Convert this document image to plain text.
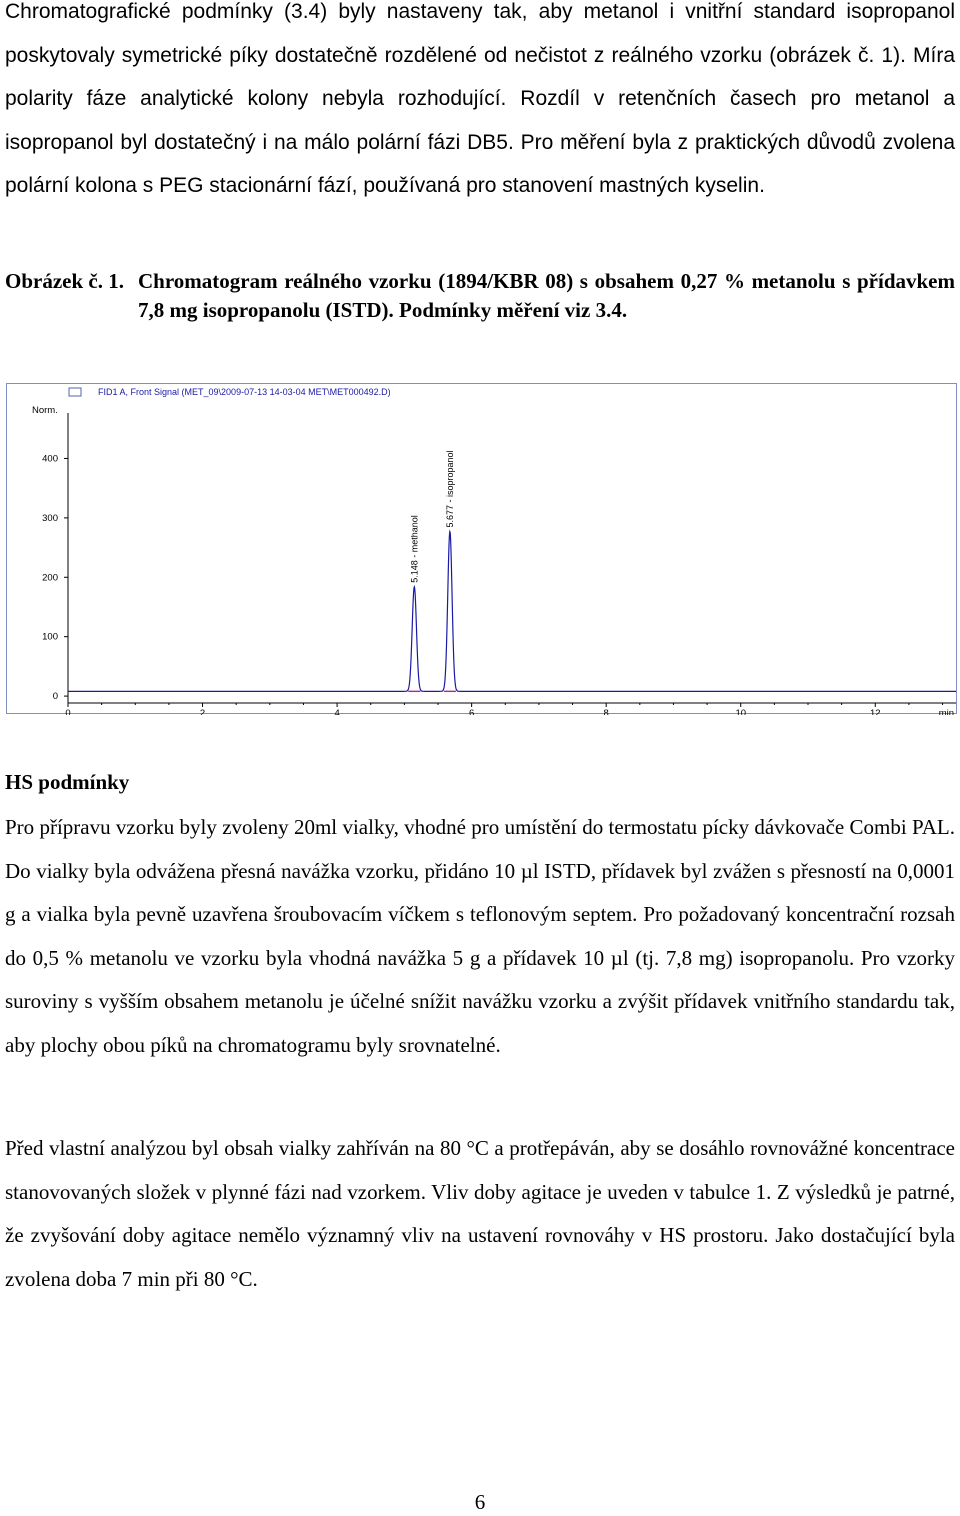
Chromatografické podmínky (3.4) byly nastaveny tak, aby metanol i vnitřní standard isopropanol poskytovaly symetrické píky dostatečně rozdělené od nečistot z reálného vzorku (obrázek č. 1). Míra polarity fáze analytické kolony nebyla rozhodující. Rozdíl v retenčních časech pro metanol a isopropanol byl dostatečný i na málo polární fázi DB5. Pro měření byla z praktických důvodů zvolena polární kolona s PEG stacionární fází, používaná pro stanovení mastných kyselin.

Obrázek č. 1. Chromatogram reálného vzorku (1894/KBR 08) s obsahem 0,27 % metanolu s přídavkem 7,8 mg isopropanolu (ISTD). Podmínky měření viz 3.4.
FID1 A, Front Signal (MET_09\2009-07-13 14-03-04 MET\MET000492.D)
Norm.
0
100
200
300
400
0	2	4	6	8	10	12	min
5.148 - methanol
5.677 - isopropanol
HS podmínky

Pro přípravu vzorku byly zvoleny 20ml vialky, vhodné pro umístění do termostatu pícky dávkovače Combi PAL. Do vialky byla odvážena přesná navážka vzorku, přidáno 10 µl ISTD, přídavek byl zvážen s přesností na 0,0001 g a vialka byla pevně uzavřena šroubovacím víčkem s teflonovým septem. Pro požadovaný koncentrační rozsah do 0,5 % metanolu ve vzorku byla vhodná navážka 5 g a přídavek 10 µl (tj. 7,8 mg) isopropanolu. Pro vzorky suroviny s vyšším obsahem metanolu je účelné snížit navážku vzorku a zvýšit přídavek vnitřního standardu tak, aby plochy obou píků na chromatogramu byly srovnatelné.

Před vlastní analýzou byl obsah vialky zahříván na 80 °C a protřepáván, aby se dosáhlo rovnovážné koncentrace stanovovaných složek v plynné fázi nad vzorkem. Vliv doby agitace je uveden v tabulce 1. Z výsledků je patrné, že zvyšování doby agitace nemělo významný vliv na ustavení rovnováhy v HS prostoru. Jako dostačující byla zvolena doba 7 min při 80 °C.

6
